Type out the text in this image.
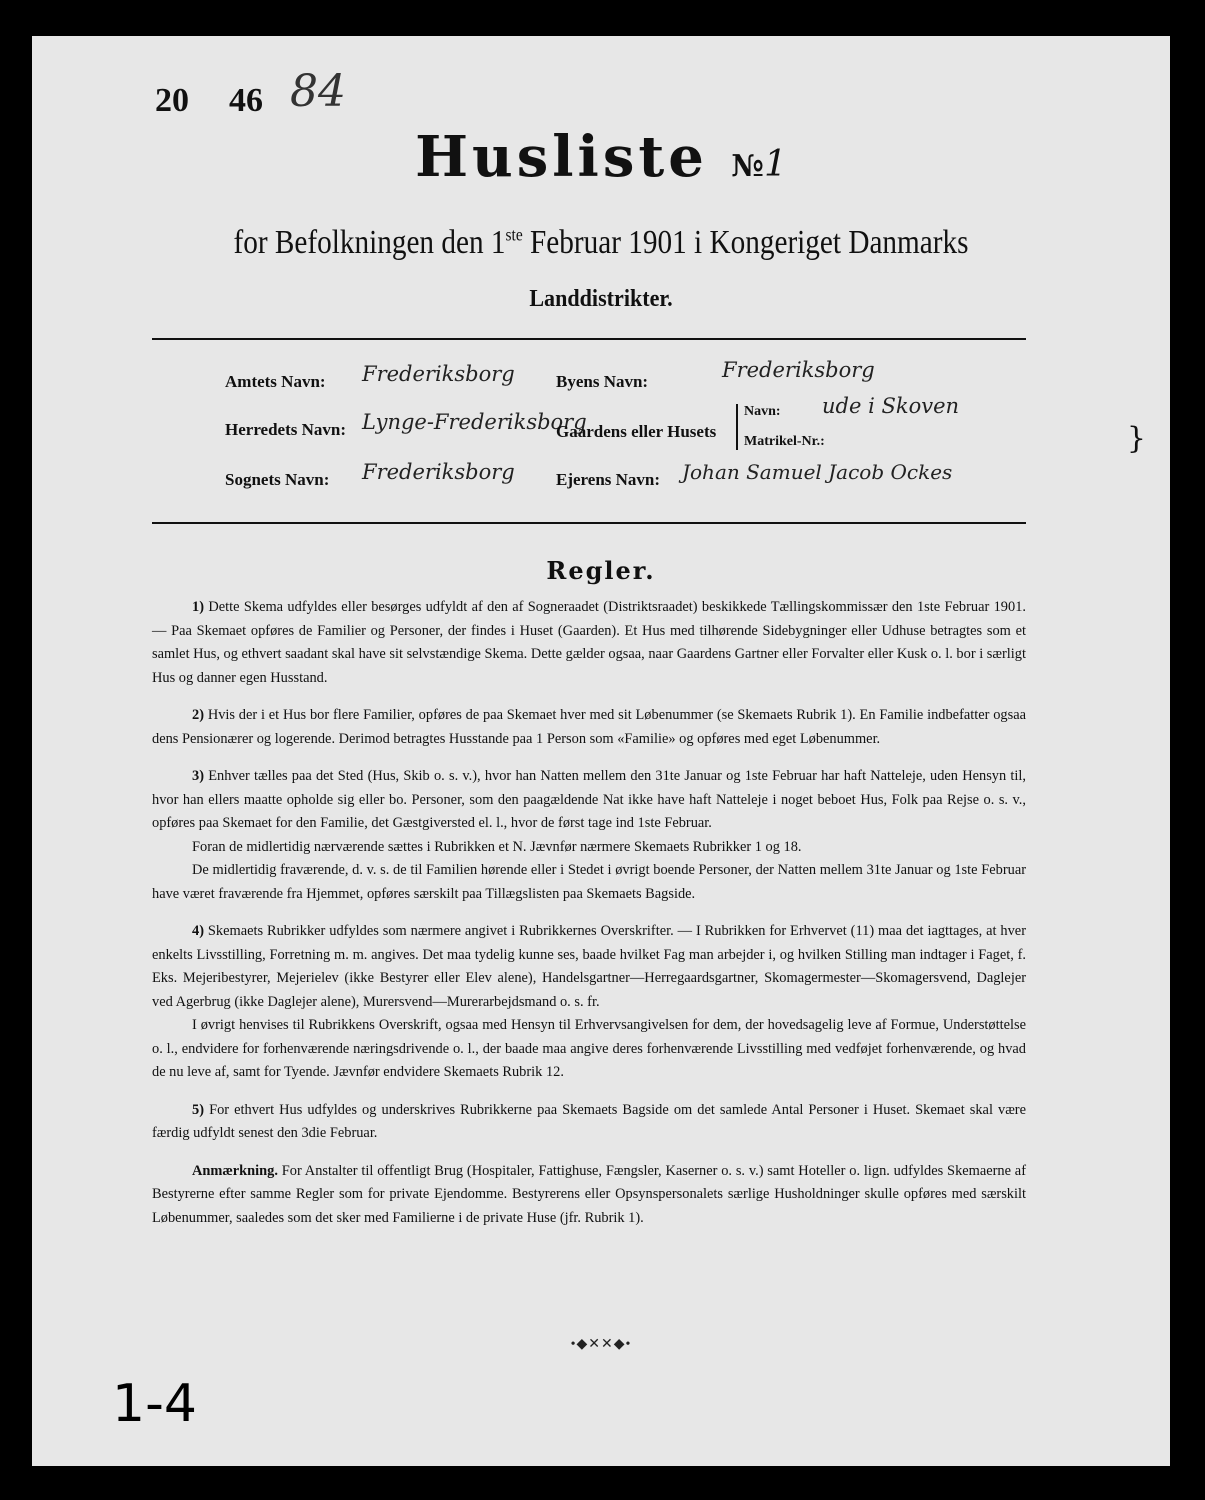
20 46 84
Husliste №1
for Befolkningen den 1ste Februar 1901 i Kongeriget Danmarks
Landdistrikter.
Amtets Navn: Frederiksborg
Herredets Navn: Lynge-Frederiksborg
Sognets Navn: Frederiksborg
Byens Navn:	Frederiksborg
Gaardens eller Husets
Navn: ude i Skoven
Matrikel-Nr.:
Ejerens Navn: Johan Samuel Jacob Ockes
}
Regler.

1) Dette Skema udfyldes eller besørges udfyldt af den af Sogneraadet (Distriktsraadet) beskikkede Tællingskommissær den 1ste Februar 1901. — Paa Skemaet opføres de Familier og Personer, der findes i Huset (Gaarden). Et Hus med tilhørende Sidebygninger eller Udhuse betragtes som et samlet Hus, og ethvert saadant skal have sit selvstændige Skema. Dette gælder ogsaa, naar Gaardens Gartner eller Forvalter eller Kusk o. l. bor i særligt Hus og danner egen Husstand.

2) Hvis der i et Hus bor flere Familier, opføres de paa Skemaet hver med sit Løbenummer (se Skemaets Rubrik 1). En Familie indbefatter ogsaa dens Pensionærer og logerende. Derimod betragtes Husstande paa 1 Person som «Familie» og opføres med eget Løbenummer.

3) Enhver tælles paa det Sted (Hus, Skib o. s. v.), hvor han Natten mellem den 31te Januar og 1ste Februar har haft Natteleje, uden Hensyn til, hvor han ellers maatte opholde sig eller bo. Personer, som den paagældende Nat ikke have haft Natteleje i noget beboet Hus, Folk paa Rejse o. s. v., opføres paa Skemaet for den Familie, det Gæstgiversted el. l., hvor de først tage ind 1ste Februar.

Foran de midlertidig nærværende sættes i Rubrikken et N. Jævnfør nærmere Skemaets Rubrikker 1 og 18.

De midlertidig fraværende, d. v. s. de til Familien hørende eller i Stedet i øvrigt boende Personer, der Natten mellem 31te Januar og 1ste Februar have været fraværende fra Hjemmet, opføres særskilt paa Tillægslisten paa Skemaets Bagside.

4) Skemaets Rubrikker udfyldes som nærmere angivet i Rubrikkernes Overskrifter. — I Rubrikken for Erhvervet (11) maa det iagttages, at hver enkelts Livsstilling, Forretning m. m. angives. Det maa tydelig kunne ses, baade hvilket Fag man arbejder i, og hvilken Stilling man indtager i Faget, f. Eks. Mejeribestyrer, Mejerielev (ikke Bestyrer eller Elev alene), Handelsgartner—Herregaardsgartner, Skomagermester—Skomagersvend, Daglejer ved Agerbrug (ikke Daglejer alene), Murersvend—Murerarbejdsmand o. s. fr.

I øvrigt henvises til Rubrikkens Overskrift, ogsaa med Hensyn til Erhvervsangivelsen for dem, der hovedsagelig leve af Formue, Understøttelse o. l., endvidere for forhenværende næringsdrivende o. l., der baade maa angive deres forhenværende Livsstilling med vedføjet forhenværende, og hvad de nu leve af, samt for Tyende. Jævnfør endvidere Skemaets Rubrik 12.

5) For ethvert Hus udfyldes og underskrives Rubrikkerne paa Skemaets Bagside om det samlede Antal Personer i Huset. Skemaet skal være færdig udfyldt senest den 3die Februar.

Anmærkning. For Anstalter til offentligt Brug (Hospitaler, Fattighuse, Fængsler, Kaserner o. s. v.) samt Hoteller o. lign. udfyldes Skemaerne af Bestyrerne efter samme Regler som for private Ejendomme. Bestyrerens eller Opsynspersonalets særlige Husholdninger skulle opføres med særskilt Løbenummer, saaledes som det sker med Familierne i de private Huse (jfr. Rubrik 1).

•◆✕✕◆•
1-4
